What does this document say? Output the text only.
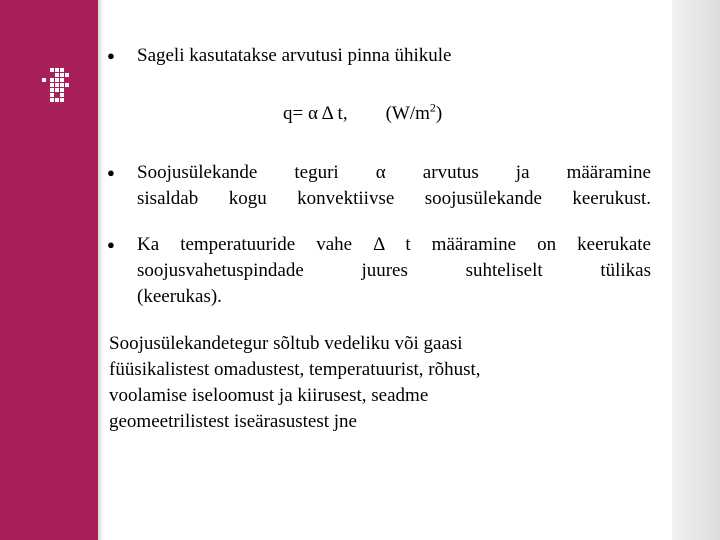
● Sageli kasutatakse arvutusi pinna ühikule

q= α Δ t, $(W/m^2)$
● Soojusülekande teguri α arvutus ja määramine
sisaldab kogu konvektiivse soojusülekande keerukust.
● Ka temperatuuride vahe Δ t määramine on keerukate
soojusvahetuspindade juures suhteliselt tülikas
(keerukas).
Soojusülekandetegur sõltub vedeliku või gaasi
füüsikalistest omadustest, temperatuurist, rõhust,
voolamise iseloomust ja kiirusest, seadme
geomeetrilistest iseärasustest jne
